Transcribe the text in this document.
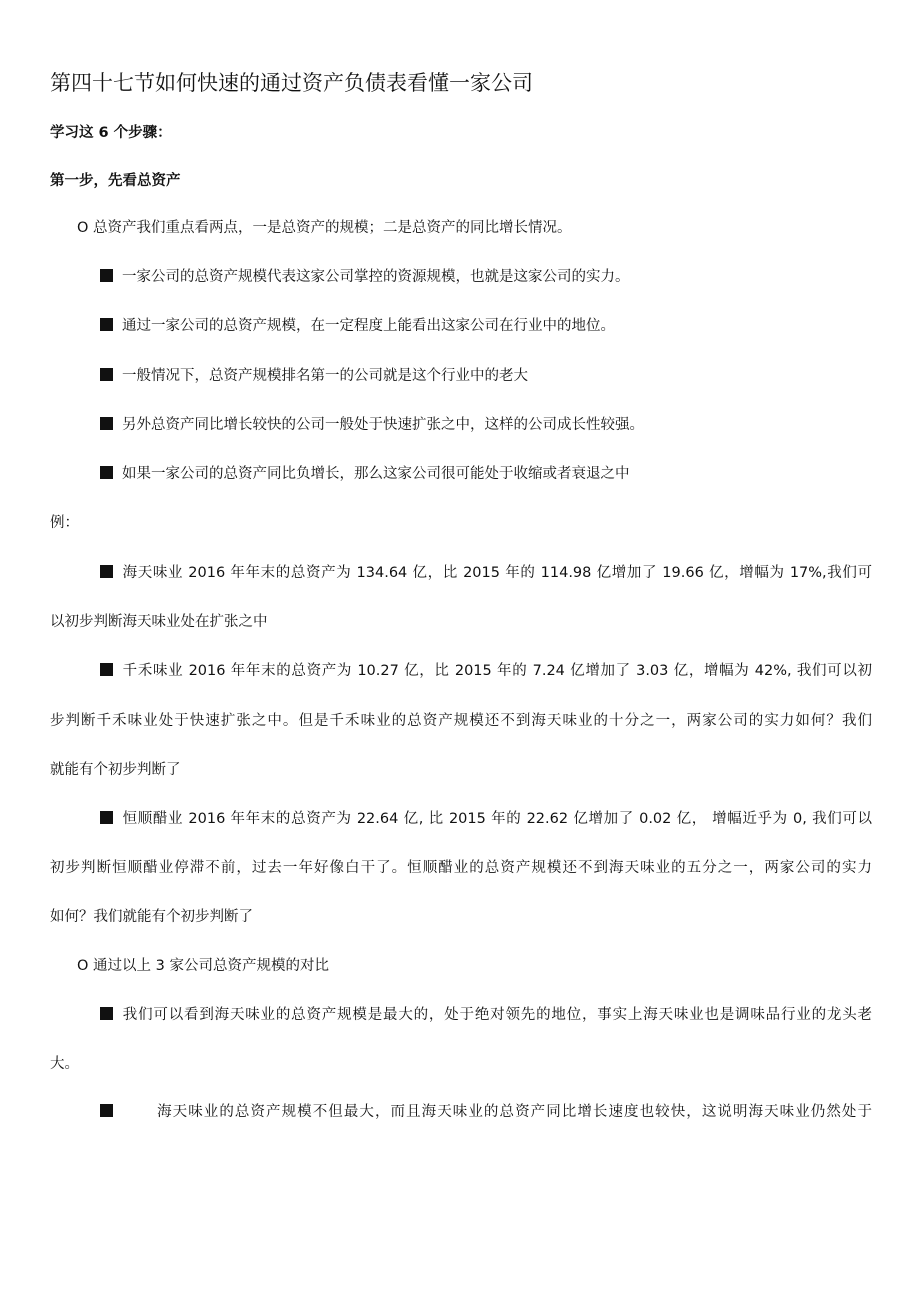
第四十七节如何快速的通过资产负债表看懂一家公司
学习这 6 个步骤：
第一步，先看总资产
O 总资产我们重点看两点，一是总资产的规模；二是总资产的同比增长情况。
一家公司的总资产规模代表这家公司掌控的资源规模，也就是这家公司的实力。
通过一家公司的总资产规模，在一定程度上能看出这家公司在行业中的地位。
一般情况下，总资产规模排名第一的公司就是这个行业中的老大
另外总资产同比增长较快的公司一般处于快速扩张之中，这样的公司成长性较强。
如果一家公司的总资产同比负增长，那么这家公司很可能处于收缩或者衰退之中
例：
海天味业 2016 年年末的总资产为 134.64 亿，比 2015 年的 114.98 亿增加了 19.66 亿，增幅为 17%,我们可
以初步判断海天味业处在扩张之中
千禾味业 2016 年年末的总资产为 10.27 亿，比 2015 年的 7.24 亿增加了 3.03 亿，增幅为 42%, 我们可以初
步判断千禾味业处于快速扩张之中。但是千禾味业的总资产规模还不到海天味业的十分之一，两家公司的实力如何？我们
就能有个初步判断了
恒顺醋业 2016 年年末的总资产为 22.64 亿, 比 2015 年的 22.62 亿增加了 0.02 亿， 增幅近乎为 0, 我们可以
初步判断恒顺醋业停滞不前，过去一年好像白干了。恒顺醋业的总资产规模还不到海天味业的五分之一，两家公司的实力
如何？我们就能有个初步判断了
O 通过以上 3 家公司总资产规模的对比
我们可以看到海天味业的总资产规模是最大的，处于绝对领先的地位，事实上海天味业也是调味品行业的龙头老
大。
海天味业的总资产规模不但最大，而且海天味业的总资产同比增长速度也较快，这说明海天味业仍然处于
